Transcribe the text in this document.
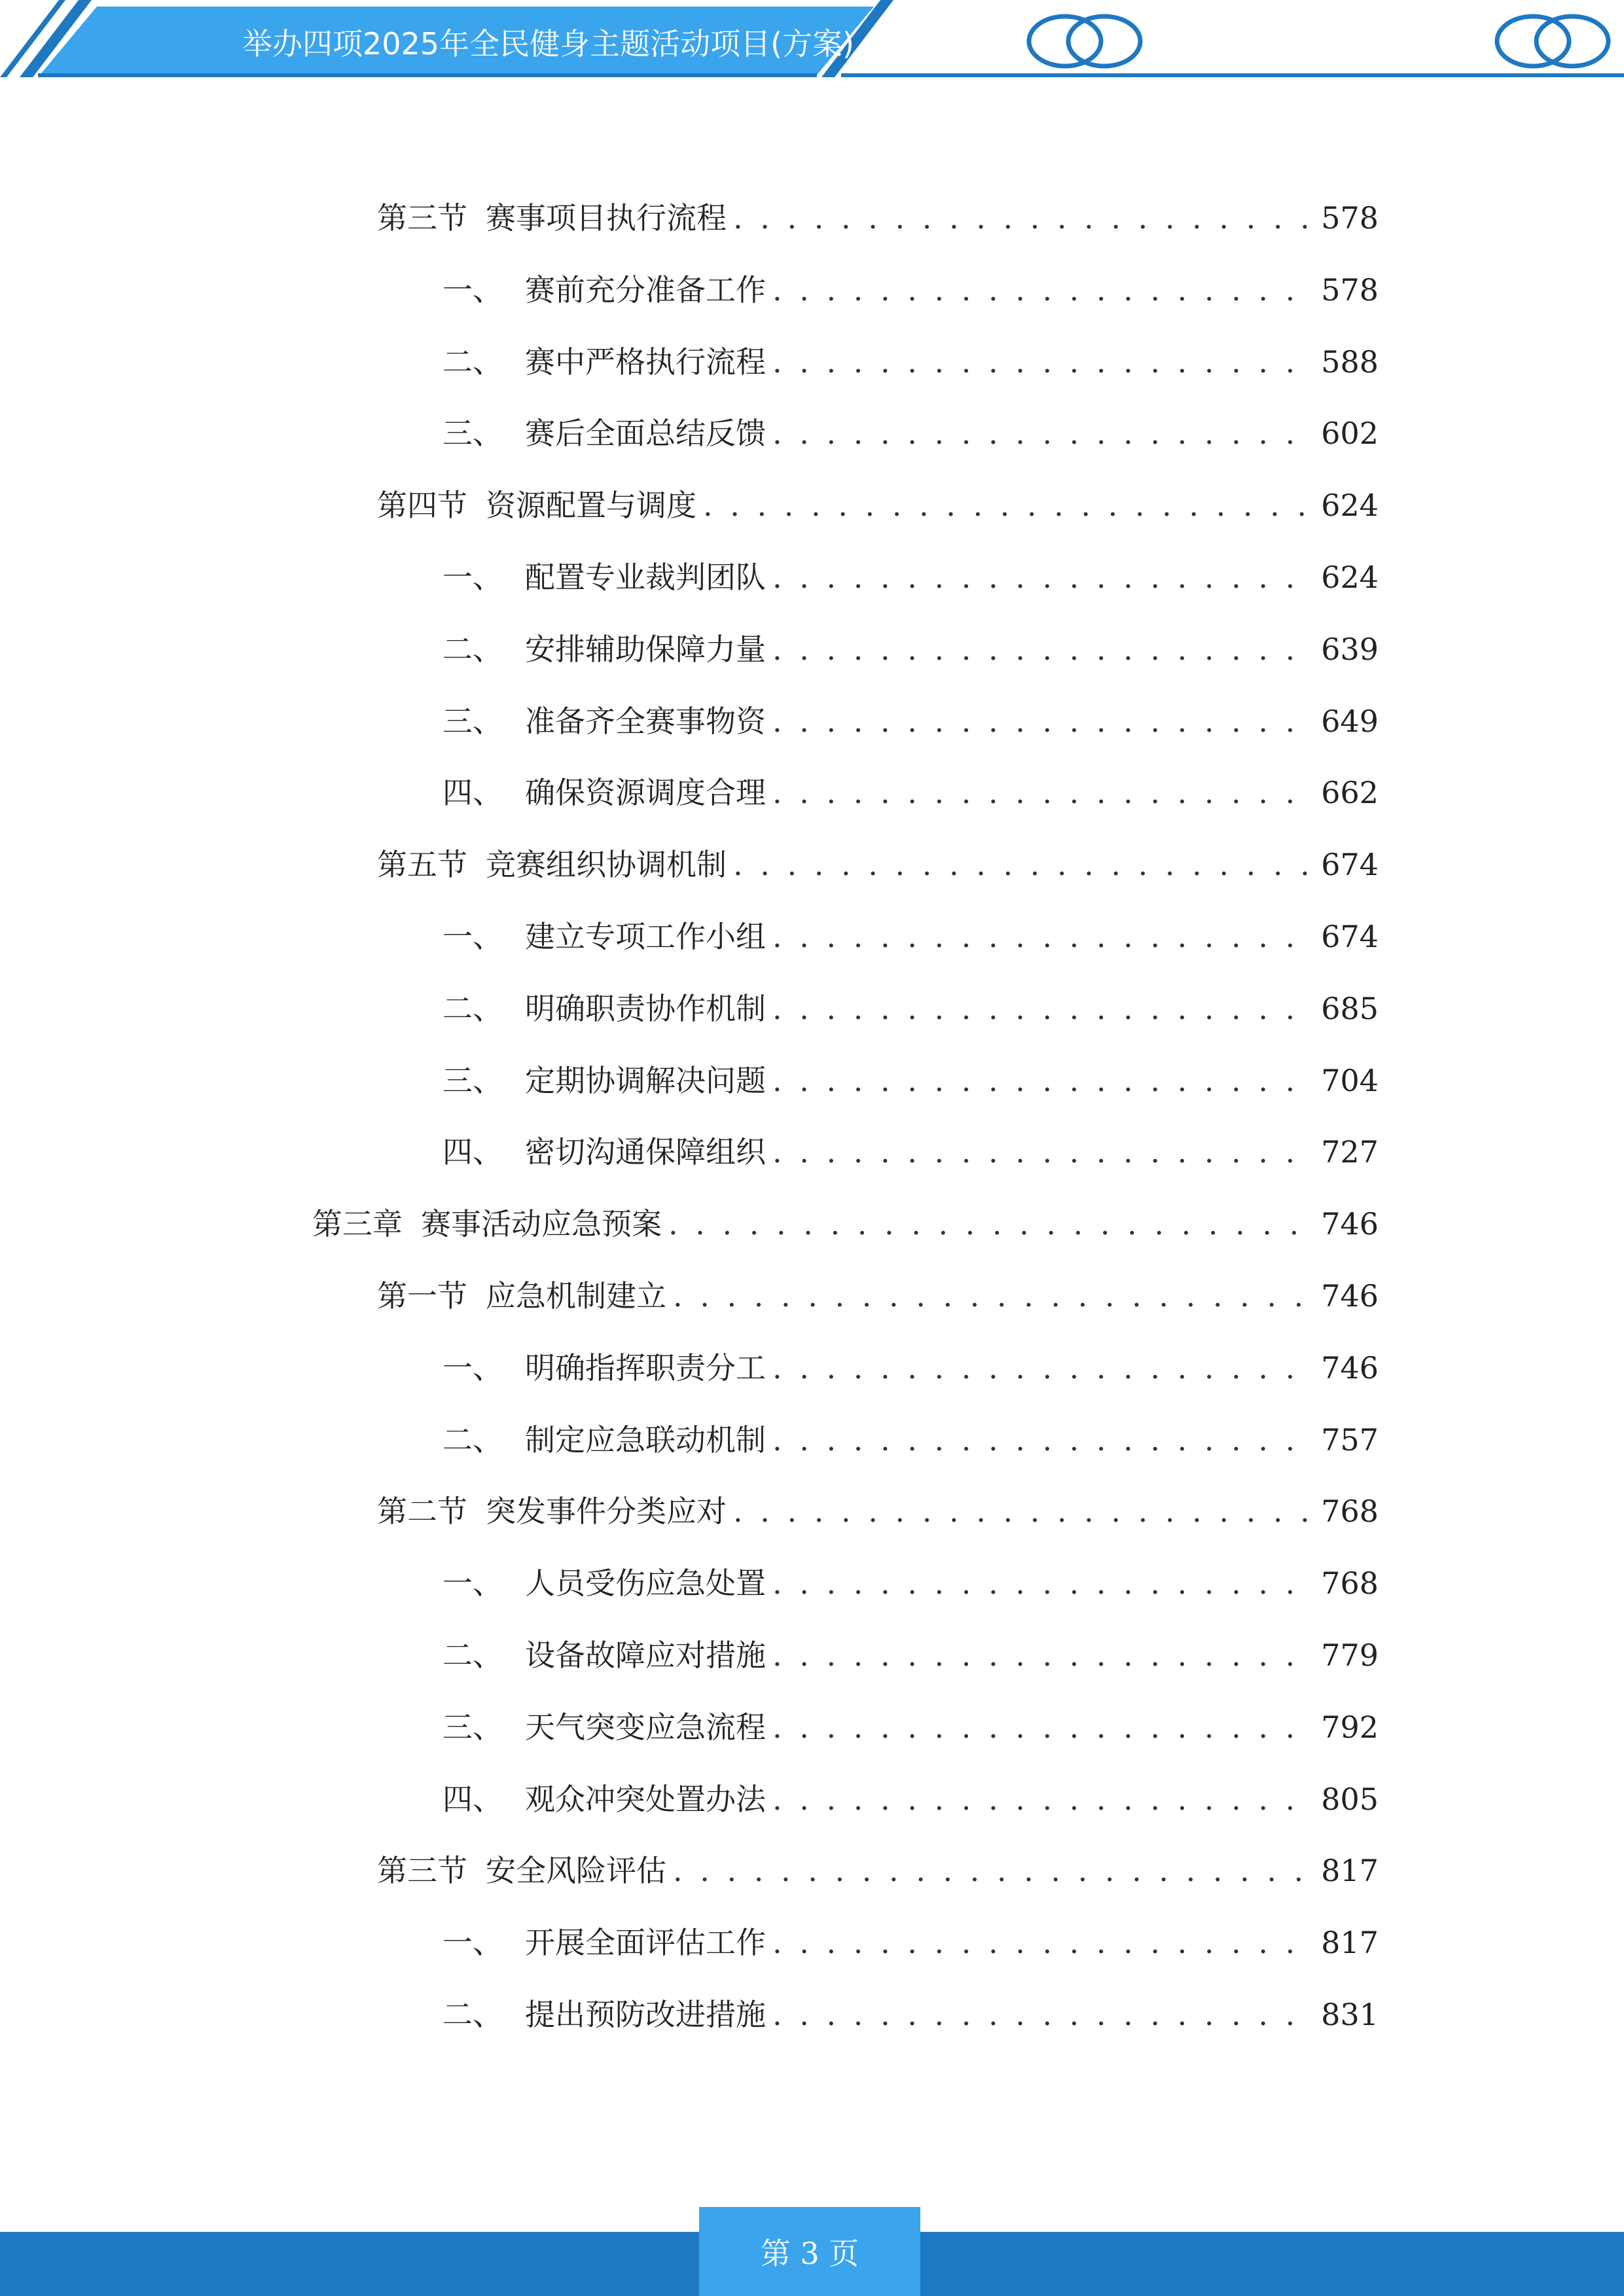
举办四项2025年全民健身主题活动项目(方案)
第三节 赛事项目执行流程 . . .	578
一、 赛前充分准备工作 . . .	578
二、 赛中严格执行流程 . . .	588
三、 赛后全面总结反馈 . . .	602
第四节 资源配置与调度 . . .	624
一、 配置专业裁判团队 . . .	624
二、 安排辅助保障力量 . . .	639
三、 准备齐全赛事物资 . . .	649
四、 确保资源调度合理 . . .	662
第五节 竞赛组织协调机制 . . .	674
一、 建立专项工作小组 . . .	674
二、 明确职责协作机制 . . .	685
三、 定期协调解决问题 . . .	704
四、 密切沟通保障组织 . . .	727
第三章 赛事活动应急预案 . . .	746
第一节 应急机制建立 . . .	746
一、 明确指挥职责分工 . . .	746
二、 制定应急联动机制 . . .	757
第二节 突发事件分类应对 . . .	768
一、 人员受伤应急处置 . . .	768
二、 设备故障应对措施 . . .	779
三、 天气突变应急流程 . . .	792
四、 观众冲突处置办法 . . .	805
第三节 安全风险评估 . . .	817
一、 开展全面评估工作 . . .	817
二、 提出预防改进措施 . . .	831
第 3 页
